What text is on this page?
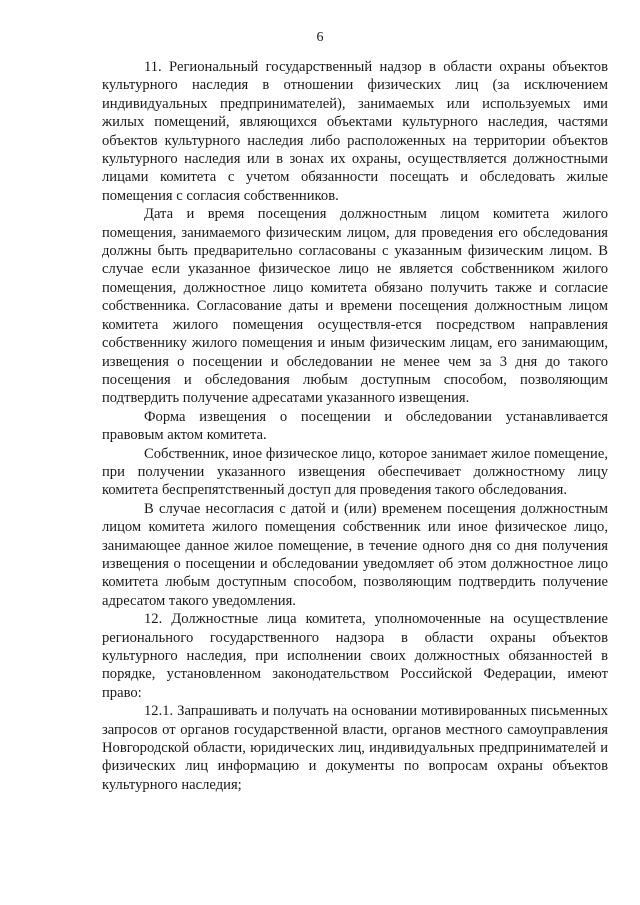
6

11. Региональный государственный надзор в области охраны объектов культурного наследия в отношении физических лиц (за исключением индивидуальных предпринимателей), занимаемых или используемых ими жилых помещений, являющихся объектами культурного наследия, частями объектов культурного наследия либо расположенных на территории объектов культурного наследия или в зонах их охраны, осуществляется должностными лицами комитета с учетом обязанности посещать и обследовать жилые помещения с согласия собственников.

Дата и время посещения должностным лицом комитета жилого помещения, занимаемого физическим лицом, для проведения его обследования должны быть предварительно согласованы с указанным физическим лицом. В случае если указанное физическое лицо не является собственником жилого помещения, должностное лицо комитета обязано получить также и согласие собственника. Согласование даты и времени посещения должностным лицом комитета жилого помещения осуществля-ется посредством направления собственнику жилого помещения и иным физическим лицам, его занимающим, извещения о посещении и обследовании не менее чем за 3 дня до такого посещения и обследования любым доступным способом, позволяющим подтвердить получение адресатами указанного извещения.

Форма извещения о посещении и обследовании устанавливается правовым актом комитета.

Собственник, иное физическое лицо, которое занимает жилое помещение, при получении указанного извещения обеспечивает должностному лицу комитета беспрепятственный доступ для проведения такого обследования.

В случае несогласия с датой и (или) временем посещения должностным лицом комитета жилого помещения собственник или иное физическое лицо, занимающее данное жилое помещение, в течение одного дня со дня получения извещения о посещении и обследовании уведомляет об этом должностное лицо комитета любым доступным способом, позволяющим подтвердить получение адресатом такого уведомления.

12. Должностные лица комитета, уполномоченные на осуществление регионального государственного надзора в области охраны объектов культурного наследия, при исполнении своих должностных обязанностей в порядке, установленном законодательством Российской Федерации, имеют право:

12.1. Запрашивать и получать на основании мотивированных письменных запросов от органов государственной власти, органов местного самоуправления Новгородской области, юридических лиц, индивидуальных предпринимателей и физических лиц информацию и документы по вопросам охраны объектов культурного наследия;
